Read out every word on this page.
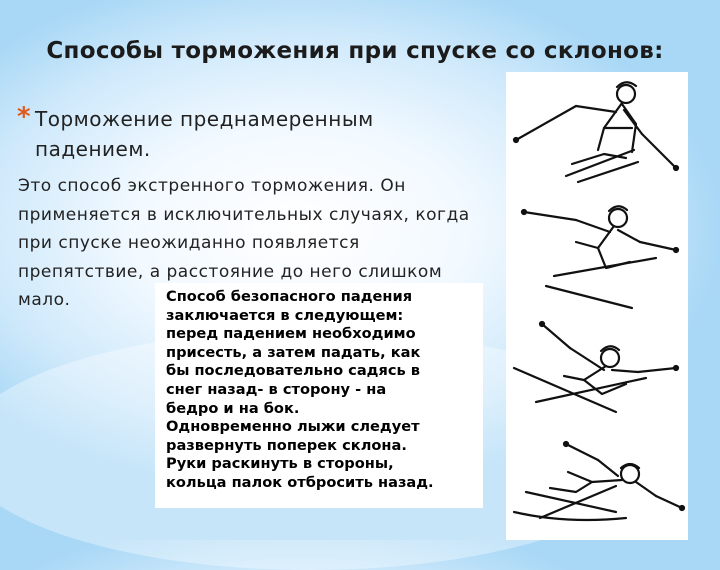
Способы торможения при спуске со склонов:
* Торможение преднамеренным падением.
Это способ экстренного торможения. Он применяется в исключительных случаях, когда при спуске неожиданно появляется препятствие, а расстояние до него слишком мало.	Способ безопасного падения
заключается в следующем:
перед падением необходимо
присесть, а затем падать, как
бы последовательно садясь в
снег назад- в сторону - на
бедро и на бок.
Одновременно лыжи следует
развернуть поперек склона.
Руки раскинуть в стороны,
кольца палок отбросить назад.
